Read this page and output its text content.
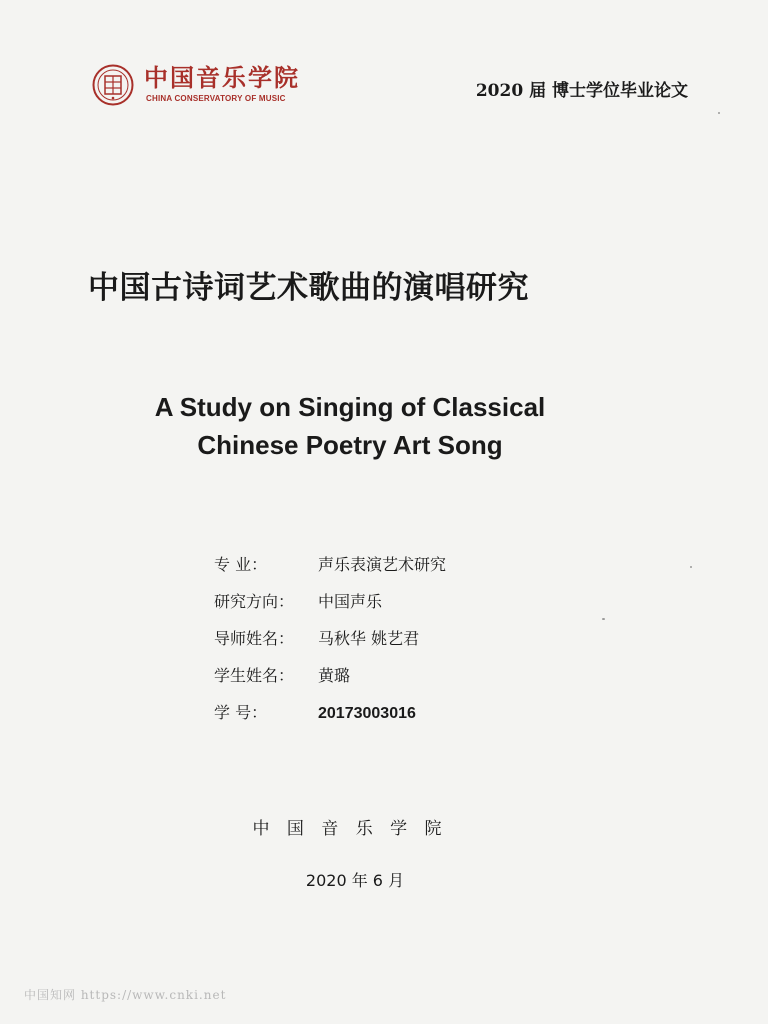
中国音乐学院
CHINA CONSERVATORY OF MUSIC	2020 届 博士学位毕业论文
中国古诗词艺术歌曲的演唱研究
A Study on Singing of Classical
Chinese Poetry Art Song
专 业：	声乐表演艺术研究
研究方向： 中国声乐
导师姓名： 马秋华 姚艺君
学生姓名： 黄璐
学 号：	20173003016
中 国 音 乐 学 院
2020 年 6 月
中国知网 https://www.cnki.net
